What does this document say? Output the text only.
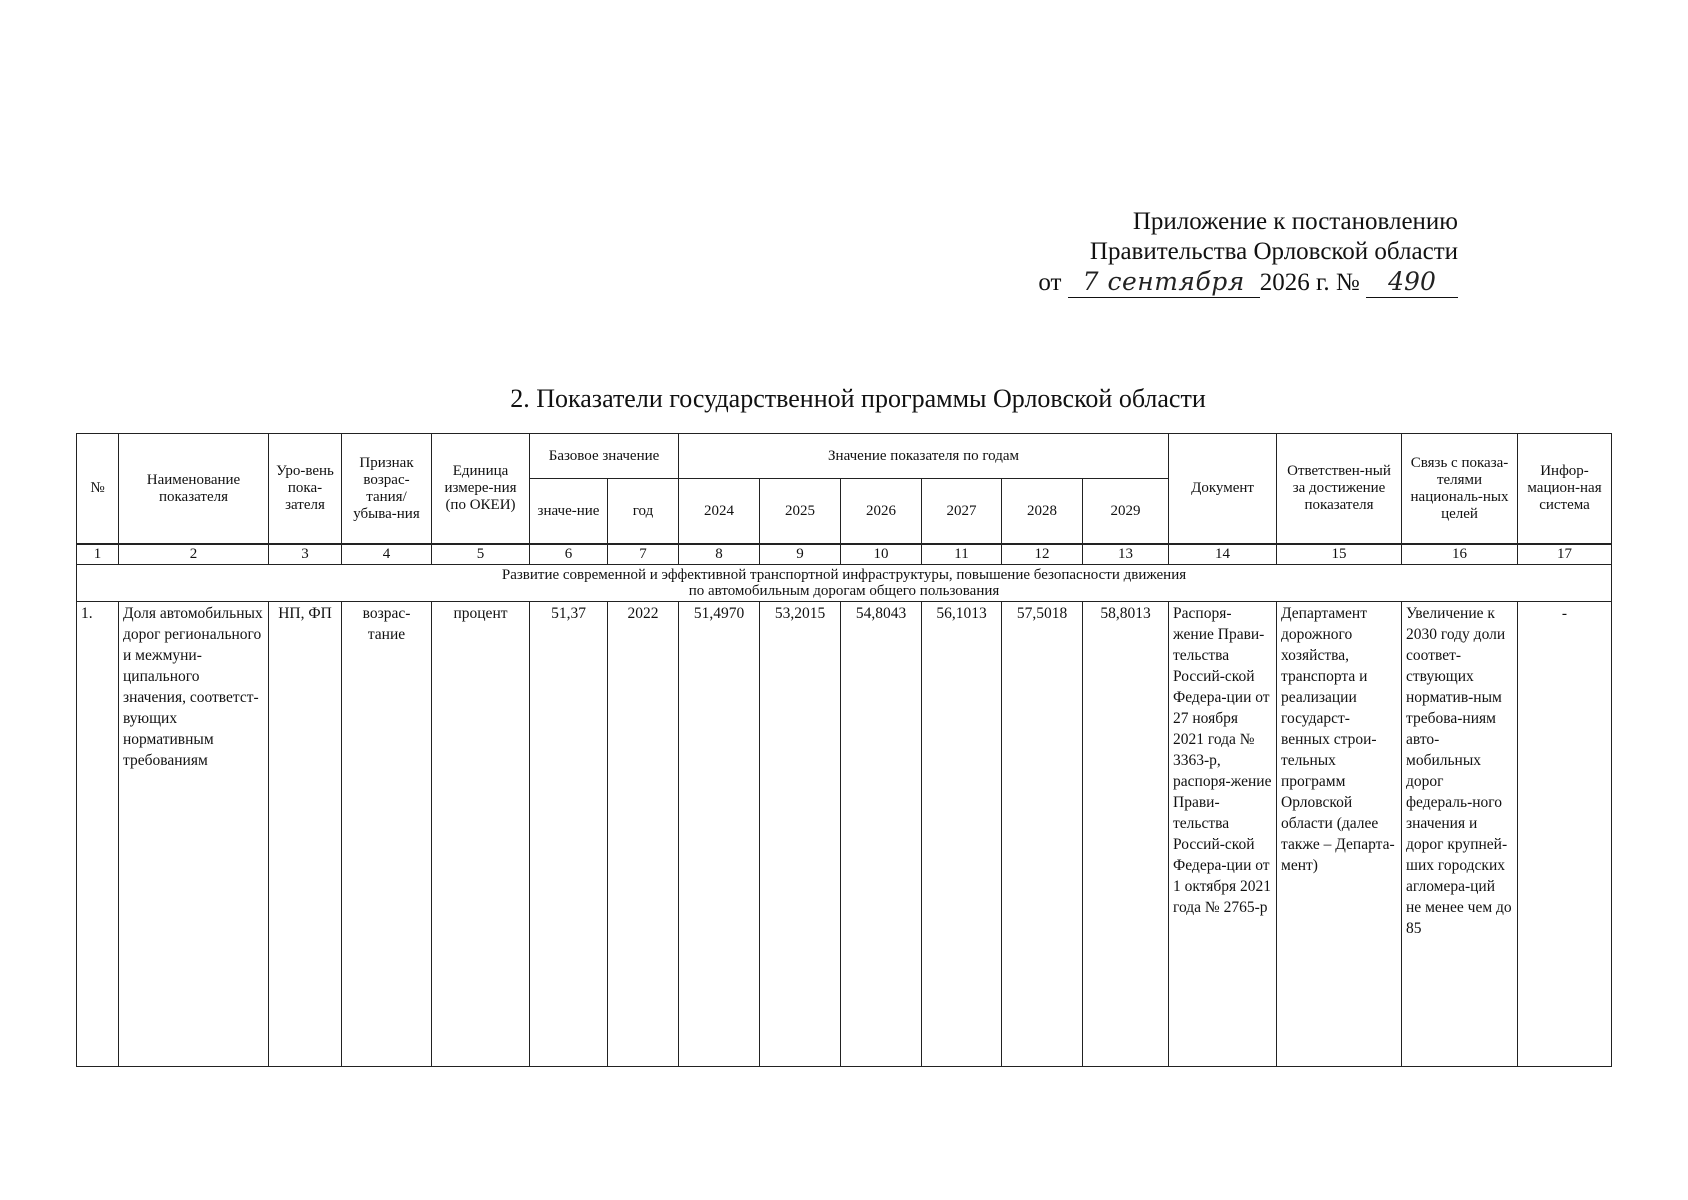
Приложение к постановлению
Правительства Орловской области
от 7 сентября 2026 г. № 490
2. Показатели государственной программы Орловской области
№	Наименование показателя	Уро-вень пока-зателя	Признак возрас-тания/ убыва-ния	Единица измере-ния (по ОКЕИ)	Базовое значение		Значение показателя по годам						Документ	Ответствен-ный за достижение показателя	Связь с показа-телями националь-ных целей	Инфор-мацион-ная система
					значе-ние	год	2024	2025	2026	2027	2028	2029				
1	2	3	4	5	6	7	8	9	10	11	12	13	14	15	16	17

Развитие современной и эффективной транспортной инфраструктуры, повышение безопасности движения
по автомобильным дорогам общего пользования																

1.	Доля автомобильных дорог регионального и межмуни-ципального значения, соответст-вующих нормативным требованиям	НП, ФП	возрас-тание	процент	51,37	2022	51,4970	53,2015	54,8043	56,1013	57,5018	58,8013	Распоря-жение Прави-тельства Россий-ской Федера-ции от 27 ноября 2021 года № 3363-р, распоря-жение Прави-тельства Россий-ской Федера-ции от 1 октября 2021 года № 2765-р	Департамент дорожного хозяйства, транспорта и реализации государст-венных строи-тельных программ Орловской области (далее также – Департа-мент)	Увеличение к 2030 году доли соответ-ствующих норматив-ным требова-ниям авто-мобильных дорог федераль-ного значения и дорог крупней-ших городских агломера-ций не менее чем до 85	-
